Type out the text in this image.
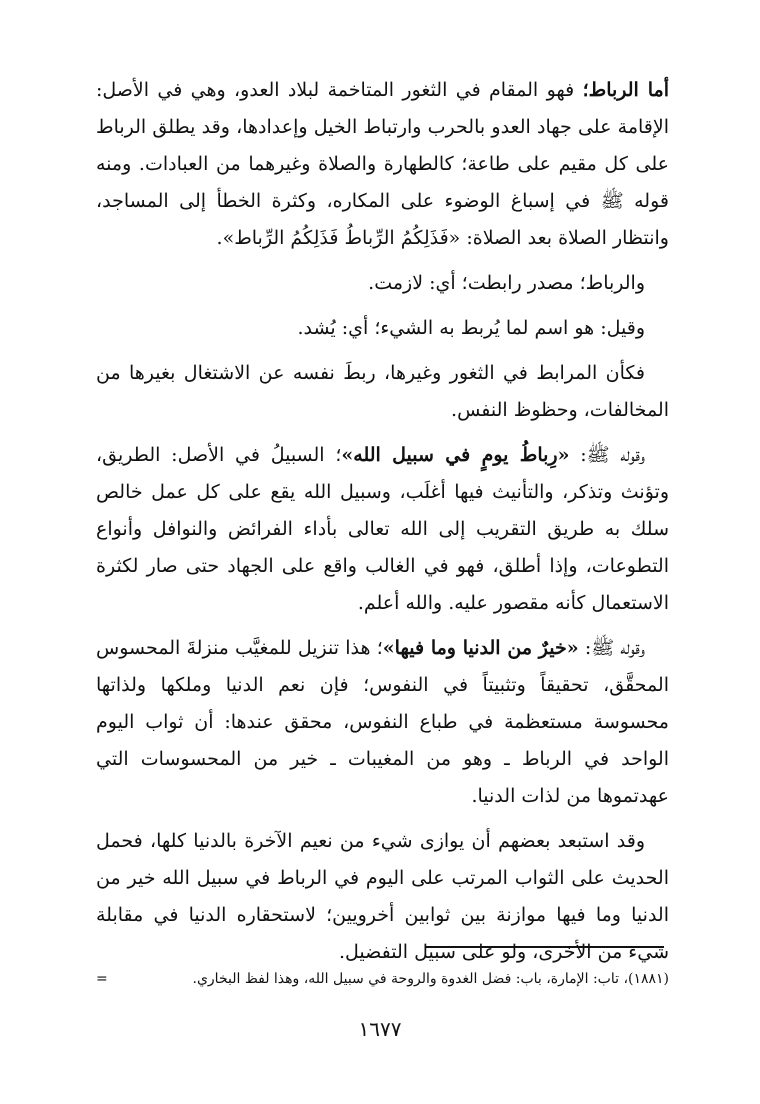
أما الرباط؛ فهو المقام في الثغور المتاخمة لبلاد العدو، وهي في الأصل: الإقامة على جهاد العدو بالحرب وارتباط الخيل وإعدادها، وقد يطلق الرباط على كل مقيم على طاعة؛ كالطهارة والصلاة وغيرهما من العبادات. ومنه قوله ﷺ في إسباغ الوضوء على المكاره، وكثرة الخطأ إلى المساجد، وانتظار الصلاة بعد الصلاة: «فَذَلِكُمُ الرِّباطُ فَذَلِكُمُ الرِّباط».

والرباط؛ مصدر رابطت؛ أي: لازمت.

وقيل: هو اسم لما يُربط به الشيء؛ أي: يُشد.

فكأن المرابط في الثغور وغيرها، ربطَ نفسه عن الاشتغال بغيرها من المخالفات، وحظوظ النفس.

وقوله ﷺ: «رِباطُ يومٍ في سبيل الله»؛ السبيلُ في الأصل: الطريق، وتؤنث وتذكر، والتأنيث فيها أغلَب، وسبيل الله يقع على كل عمل خالص سلك به طريق التقريب إلى الله تعالى بأداء الفرائض والنوافل وأنواع التطوعات، وإذا أطلق، فهو في الغالب واقع على الجهاد حتى صار لكثرة الاستعمال كأنه مقصور عليه. والله أعلم.

وقوله ﷺ: «خيرٌ من الدنيا وما فيها»؛ هذا تنزيل للمغيَّب منزلةَ المحسوس المحقَّق، تحقيقاً وتثبيتاً في النفوس؛ فإن نعم الدنيا وملكها ولذاتها محسوسة مستعظمة في طباع النفوس، محقق عندها: أن ثواب اليوم الواحد في الرباط ـ وهو من المغيبات ـ خير من المحسوسات التي عهدتموها من لذات الدنيا.

وقد استبعد بعضهم أن يوازى شيء من نعيم الآخرة بالدنيا كلها، فحمل الحديث على الثواب المرتب على اليوم في الرباط في سبيل الله خير من الدنيا وما فيها موازنة بين ثوابين أخرويين؛ لاستحقاره الدنيا في مقابلة شيء من الأخرى، ولو على سبيل التفضيل.

(١٨٨١)، تاب: الإمارة، باب: فضل الغدوة والروحة في سبيل الله، وهذا لفظ البخاري.
=
١٦٧٧
